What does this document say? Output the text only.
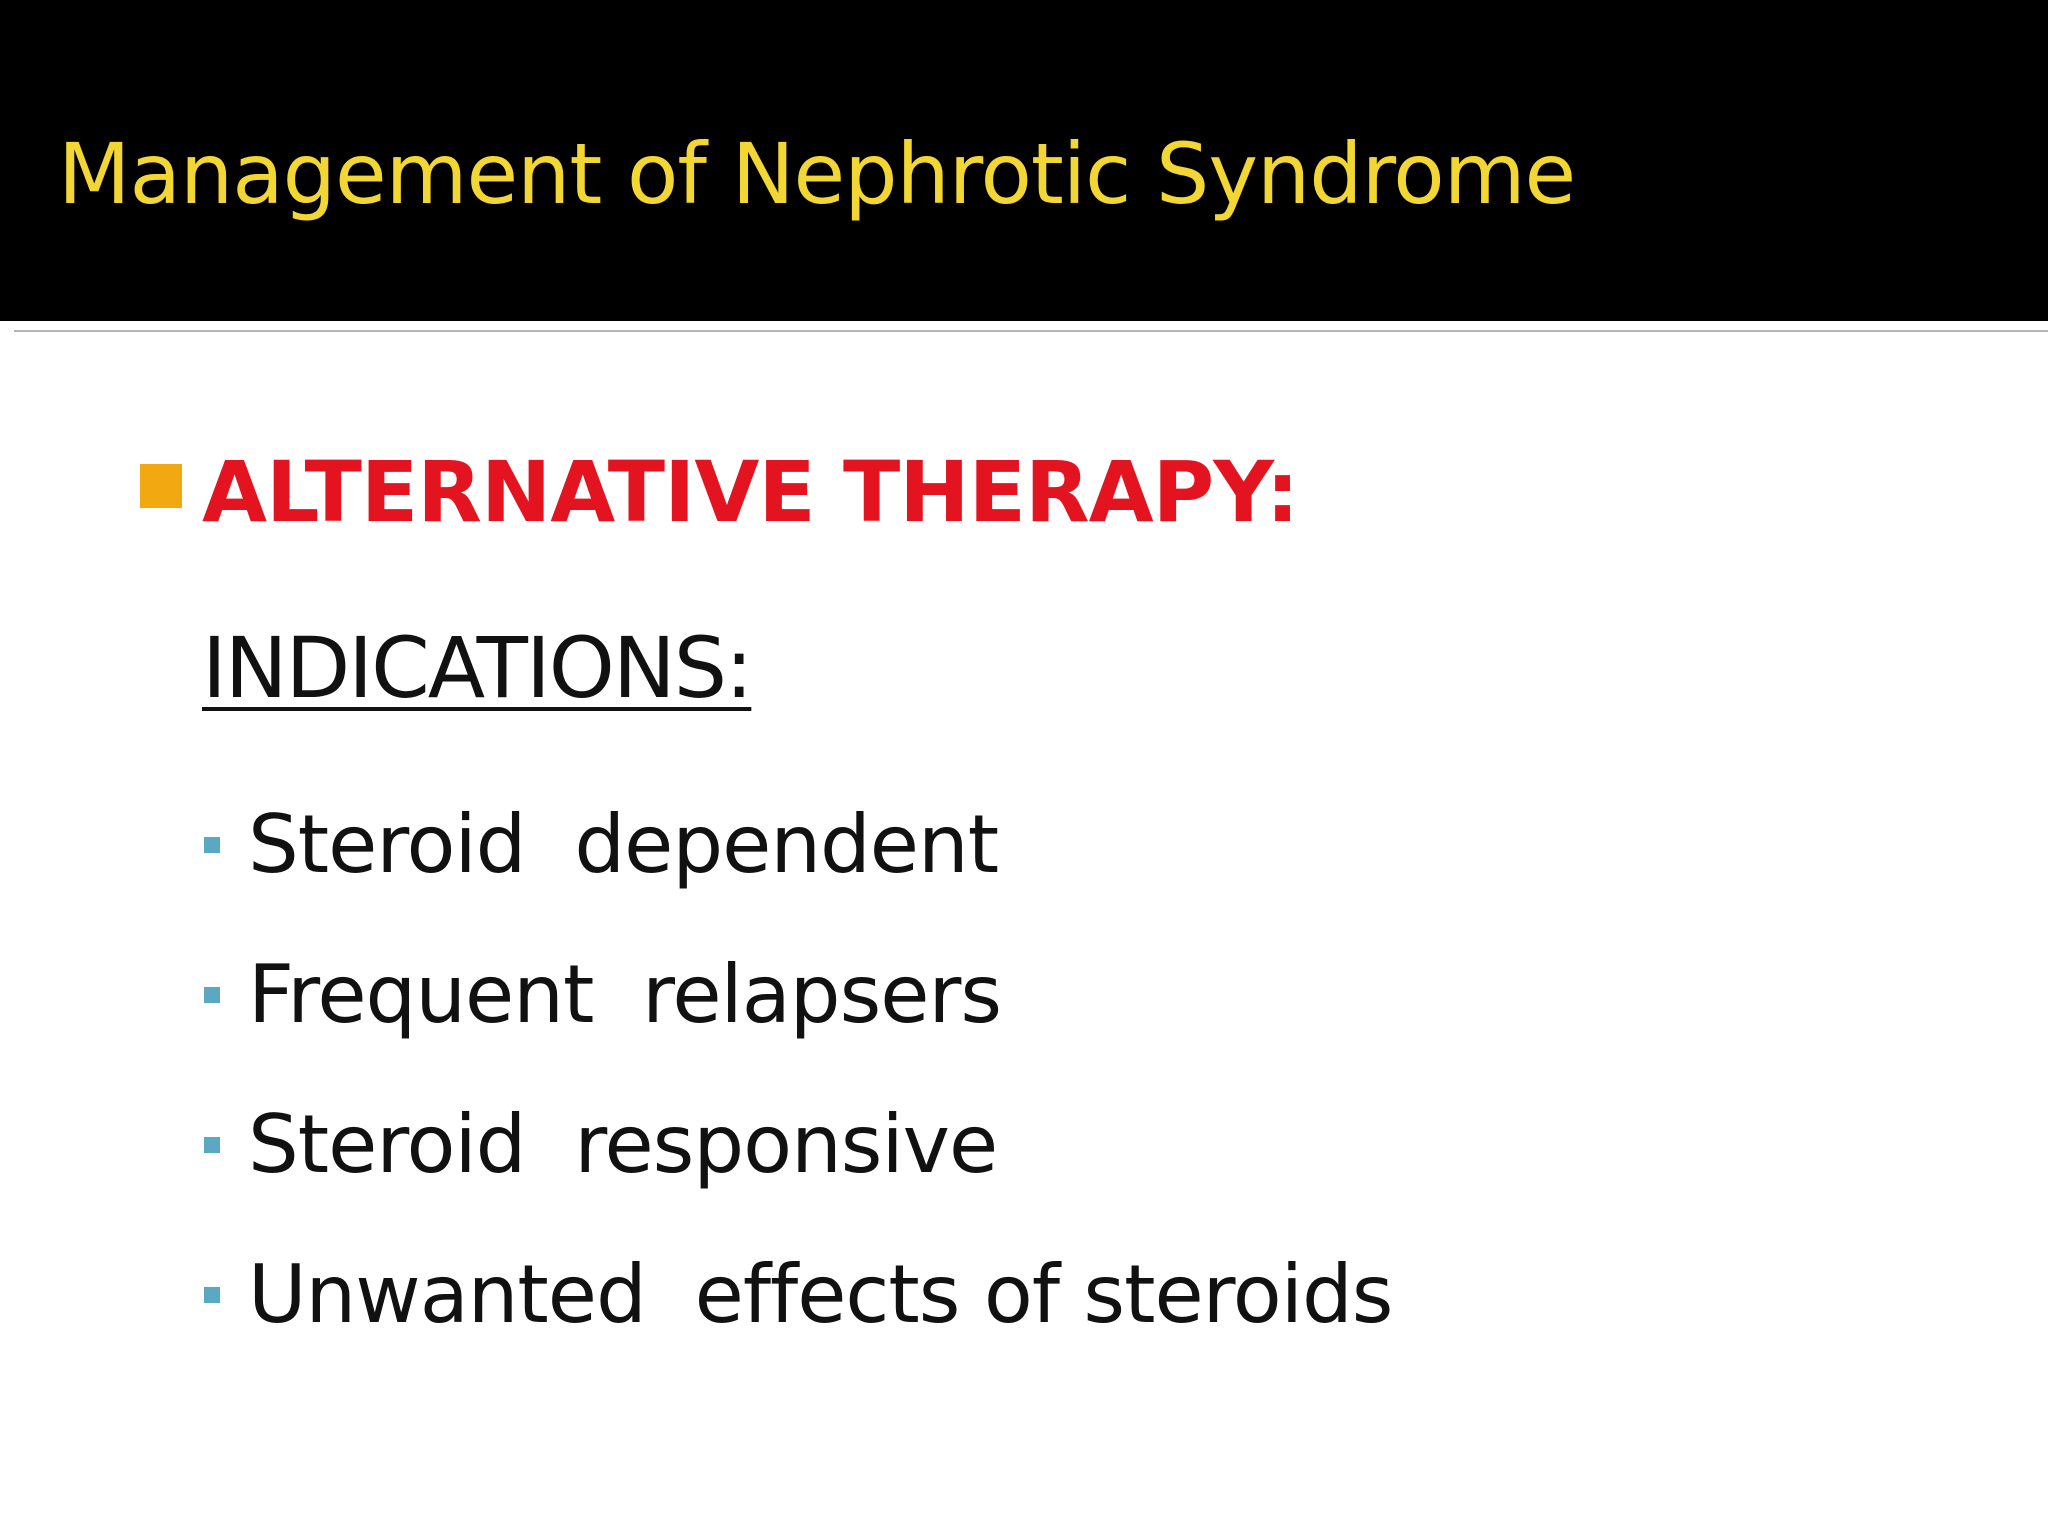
Management of Nephrotic Syndrome
ALTERNATIVE THERAPY:
INDICATIONS:
Steroid  dependent
Frequent  relapsers
Steroid  responsive
Unwanted  effects of steroids
